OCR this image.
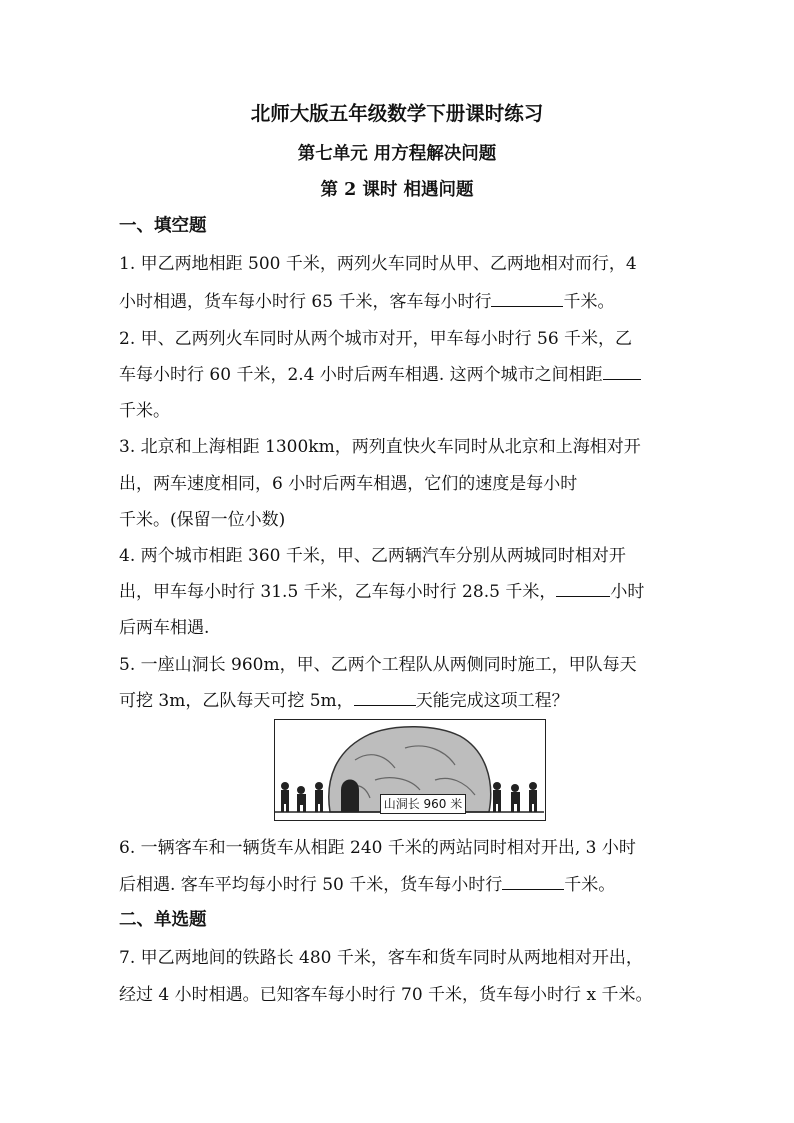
北师大版五年级数学下册课时练习
第七单元 用方程解决问题
第 2 课时 相遇问题
一、填空题
1. 甲乙两地相距 500 千米，两列火车同时从甲、乙两地相对而行，4
小时相遇，货车每小时行 65 千米，客车每小时行	千米。
2. 甲、乙两列火车同时从两个城市对开，甲车每小时行 56 千米，乙
车每小时行 60 千米，2.4 小时后两车相遇. 这两个城市之间相距
千米。
3. 北京和上海相距 1300km，两列直快火车同时从北京和上海相对开
出，两车速度相同，6 小时后两车相遇，它们的速度是每小时
千米。(保留一位小数)
4. 两个城市相距 360 千米，甲、乙两辆汽车分别从两城同时相对开
出，甲车每小时行 31.5 千米，乙车每小时行 28.5 千米，	小时
后两车相遇.
5. 一座山洞长 960m，甲、乙两个工程队从两侧同时施工，甲队每天
可挖 3m，乙队每天可挖 5m，	天能完成这项工程？
山洞长 960 米
6. 一辆客车和一辆货车从相距 240 千米的两站同时相对开出, 3 小时
后相遇. 客车平均每小时行 50 千米，货车每小时行	千米。
二、单选题
7. 甲乙两地间的铁路长 480 千米，客车和货车同时从两地相对开出，
经过 4 小时相遇。已知客车每小时行 70 千米，货车每小时行 x 千米。
